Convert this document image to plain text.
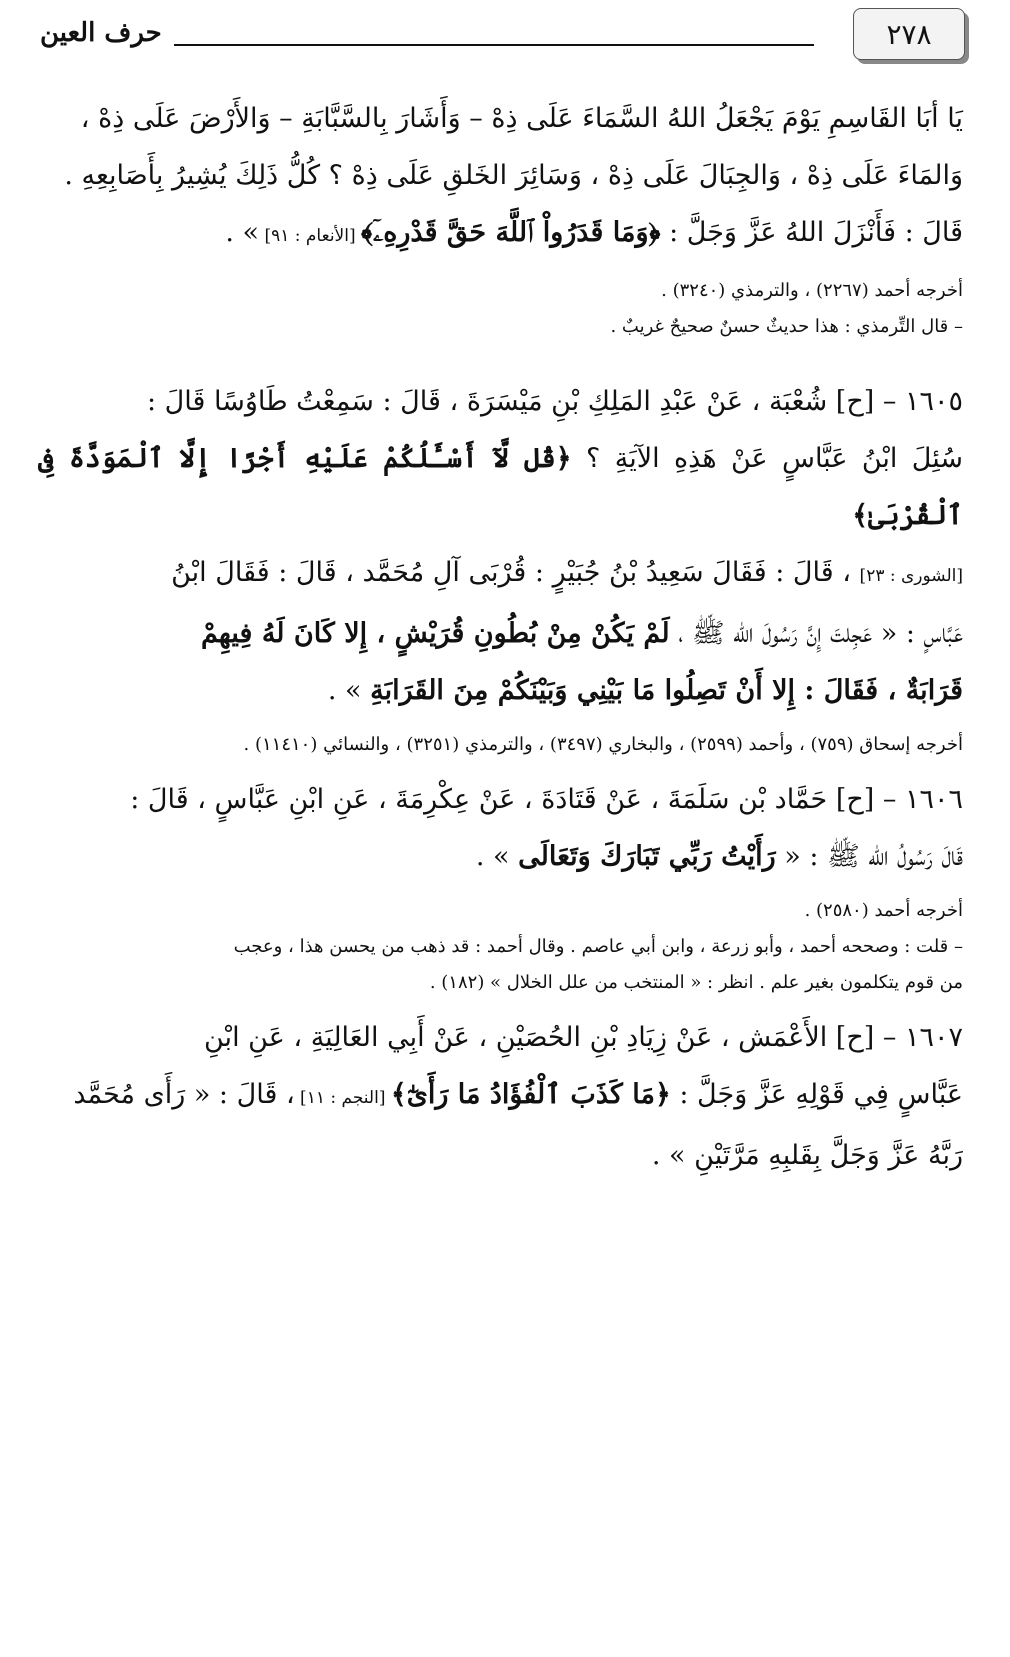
٢٧٨
حرف العين

يَا أبَا القَاسِمِ يَوْمَ يَجْعَلُ اللهُ السَّمَاءَ عَلَى ذِهْ – وَأَشَارَ بِالسَّبَّابَةِ – وَالأَرْضَ عَلَى ذِهْ ،

وَالمَاءَ عَلَى ذِهْ ، وَالجِبَالَ عَلَى ذِهْ ، وَسَائِرَ الخَلقِ عَلَى ذِهْ ؟ كُلُّ ذَلِكَ يُشِيرُ بِأَصَابِعِهِ .

قَالَ : فَأَنْزَلَ اللهُ عَزَّ وَجَلَّ : ﴿وَمَا قَدَرُواْ ٱللَّهَ حَقَّ قَدْرِهِۦٓ﴾ [الأنعام : ٩١] » .

أخرجه أحمد (٢٢٦٧) ، والترمذي (٣٢٤٠) .

– قال التِّرمذي : هذا حديثٌ حسنٌ صحيحٌ غريبٌ .

١٦٠٥ – [ح] شُعْبَة ، عَنْ عَبْدِ المَلِكِ بْنِ مَيْسَرَةَ ، قَالَ : سَمِعْتُ طَاوُسًا قَالَ :

سُئِلَ ابْنُ عَبَّاسٍ عَنْ هَذِهِ الآيَةِ ؟ ﴿قُل لَّآ أَسْـَٔلُكُمْ عَلَيْهِ أَجْرًا إِلَّا ٱلْمَوَدَّةَ فِى ٱلْقُرْبَىٰ﴾

[الشورى : ٢٣] ، قَالَ : فَقَالَ سَعِيدُ بْنُ جُبَيْرٍ : قُرْبَى آلِ مُحَمَّد ، قَالَ : فَقَالَ ابْنُ

عَبَّاسٍ : « عَجِلتَ إِنَّ رَسُولَ الله ﷺ ، لَمْ يَكُنْ مِنْ بُطُونِ قُرَيْشٍ ، إِلا كَانَ لَهُ فِيهِمْ

قَرَابَةٌ ، فَقَالَ : إِلا أَنْ تَصِلُوا مَا بَيْنِي وَبَيْنَكُمْ مِنَ القَرَابَةِ » .

أخرجه إسحاق (٧٥٩) ، وأحمد (٢٥٩٩) ، والبخاري (٣٤٩٧) ، والترمذي (٣٢٥١) ، والنسائي (١١٤١٠) .

١٦٠٦ – [ح] حَمَّاد بْن سَلَمَةَ ، عَنْ قَتَادَةَ ، عَنْ عِكْرِمَةَ ، عَنِ ابْنِ عَبَّاسٍ ، قَالَ :

قَالَ رَسُولُ الله ﷺ : « رَأَيْتُ رَبِّي تَبَارَكَ وَتَعَالَى » .

أخرجه أحمد (٢٥٨٠) .

– قلت : وصححه أحمد ، وأبو زرعة ، وابن أبي عاصم . وقال أحمد : قد ذهب من يحسن هذا ، وعجب

من قوم يتكلمون بغير علم . انظر : « المنتخب من علل الخلال » (١٨٢) .

١٦٠٧ – [ح] الأَعْمَش ، عَنْ زِيَادِ بْنِ الحُصَيْنِ ، عَنْ أَبِي العَالِيَةِ ، عَنِ ابْنِ

عَبَّاسٍ فِي قَوْلِهِ عَزَّ وَجَلَّ : ﴿مَا كَذَبَ ٱلْفُؤَادُ مَا رَأَىٰٓ﴾ [النجم : ١١] ، قَالَ : « رَأَى مُحَمَّد

رَبَّهُ عَزَّ وَجَلَّ بِقَلبِهِ مَرَّتَيْنِ » .
